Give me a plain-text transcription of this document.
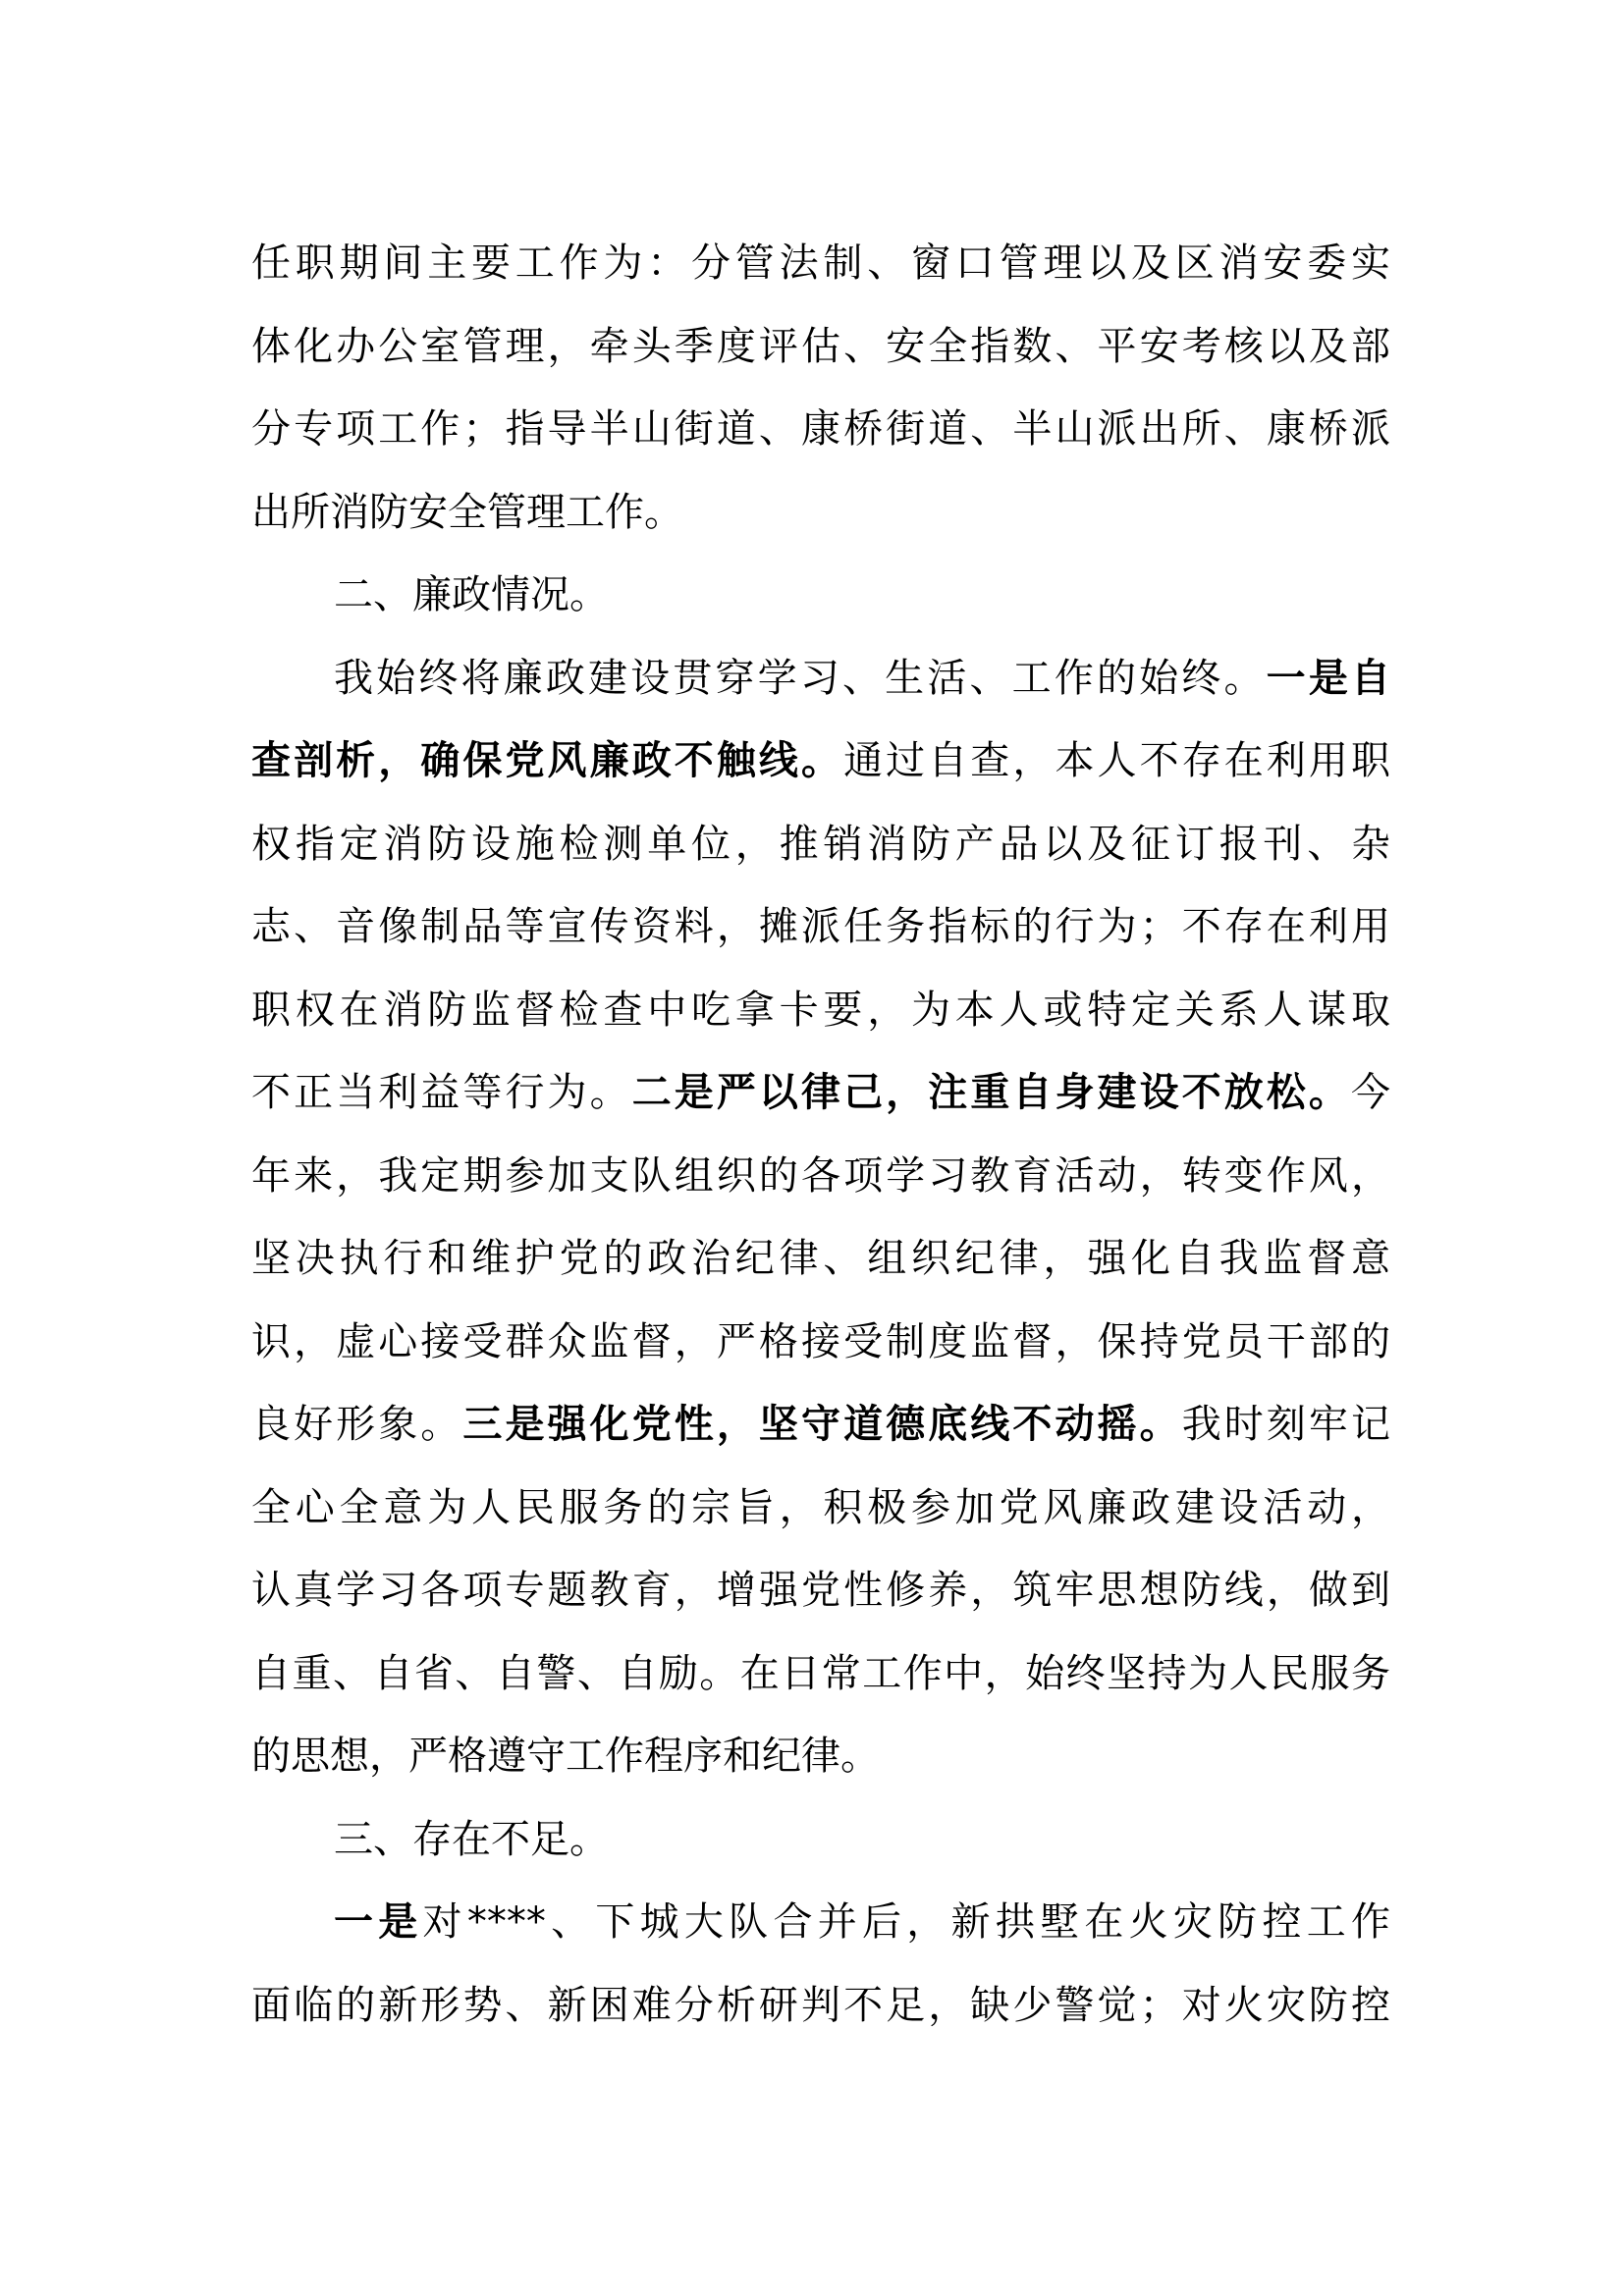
任职期间主要工作为：分管法制、窗口管理以及区消安委实
体化办公室管理，牵头季度评估、安全指数、平安考核以及部
分专项工作；指导半山街道、康桥街道、半山派出所、康桥派
出所消防安全管理工作。
二、廉政情况。
我始终将廉政建设贯穿学习、生活、工作的始终。一是自
查剖析，确保党风廉政不触线。通过自查，本人不存在利用职
权指定消防设施检测单位，推销消防产品以及征订报刊、杂
志、音像制品等宣传资料，摊派任务指标的行为；不存在利用
职权在消防监督检查中吃拿卡要，为本人或特定关系人谋取
不正当利益等行为。二是严以律己，注重自身建设不放松。今
年来，我定期参加支队组织的各项学习教育活动，转变作风，
坚决执行和维护党的政治纪律、组织纪律，强化自我监督意
识，虚心接受群众监督，严格接受制度监督，保持党员干部的
良好形象。三是强化党性，坚守道德底线不动摇。我时刻牢记
全心全意为人民服务的宗旨，积极参加党风廉政建设活动，
认真学习各项专题教育，增强党性修养，筑牢思想防线，做到
自重、自省、自警、自励。在日常工作中，始终坚持为人民服务
的思想，严格遵守工作程序和纪律。
三、存在不足。
一是对****、下城大队合并后，新拱墅在火灾防控工作
面临的新形势、新困难分析研判不足，缺少警觉；对火灾防控
